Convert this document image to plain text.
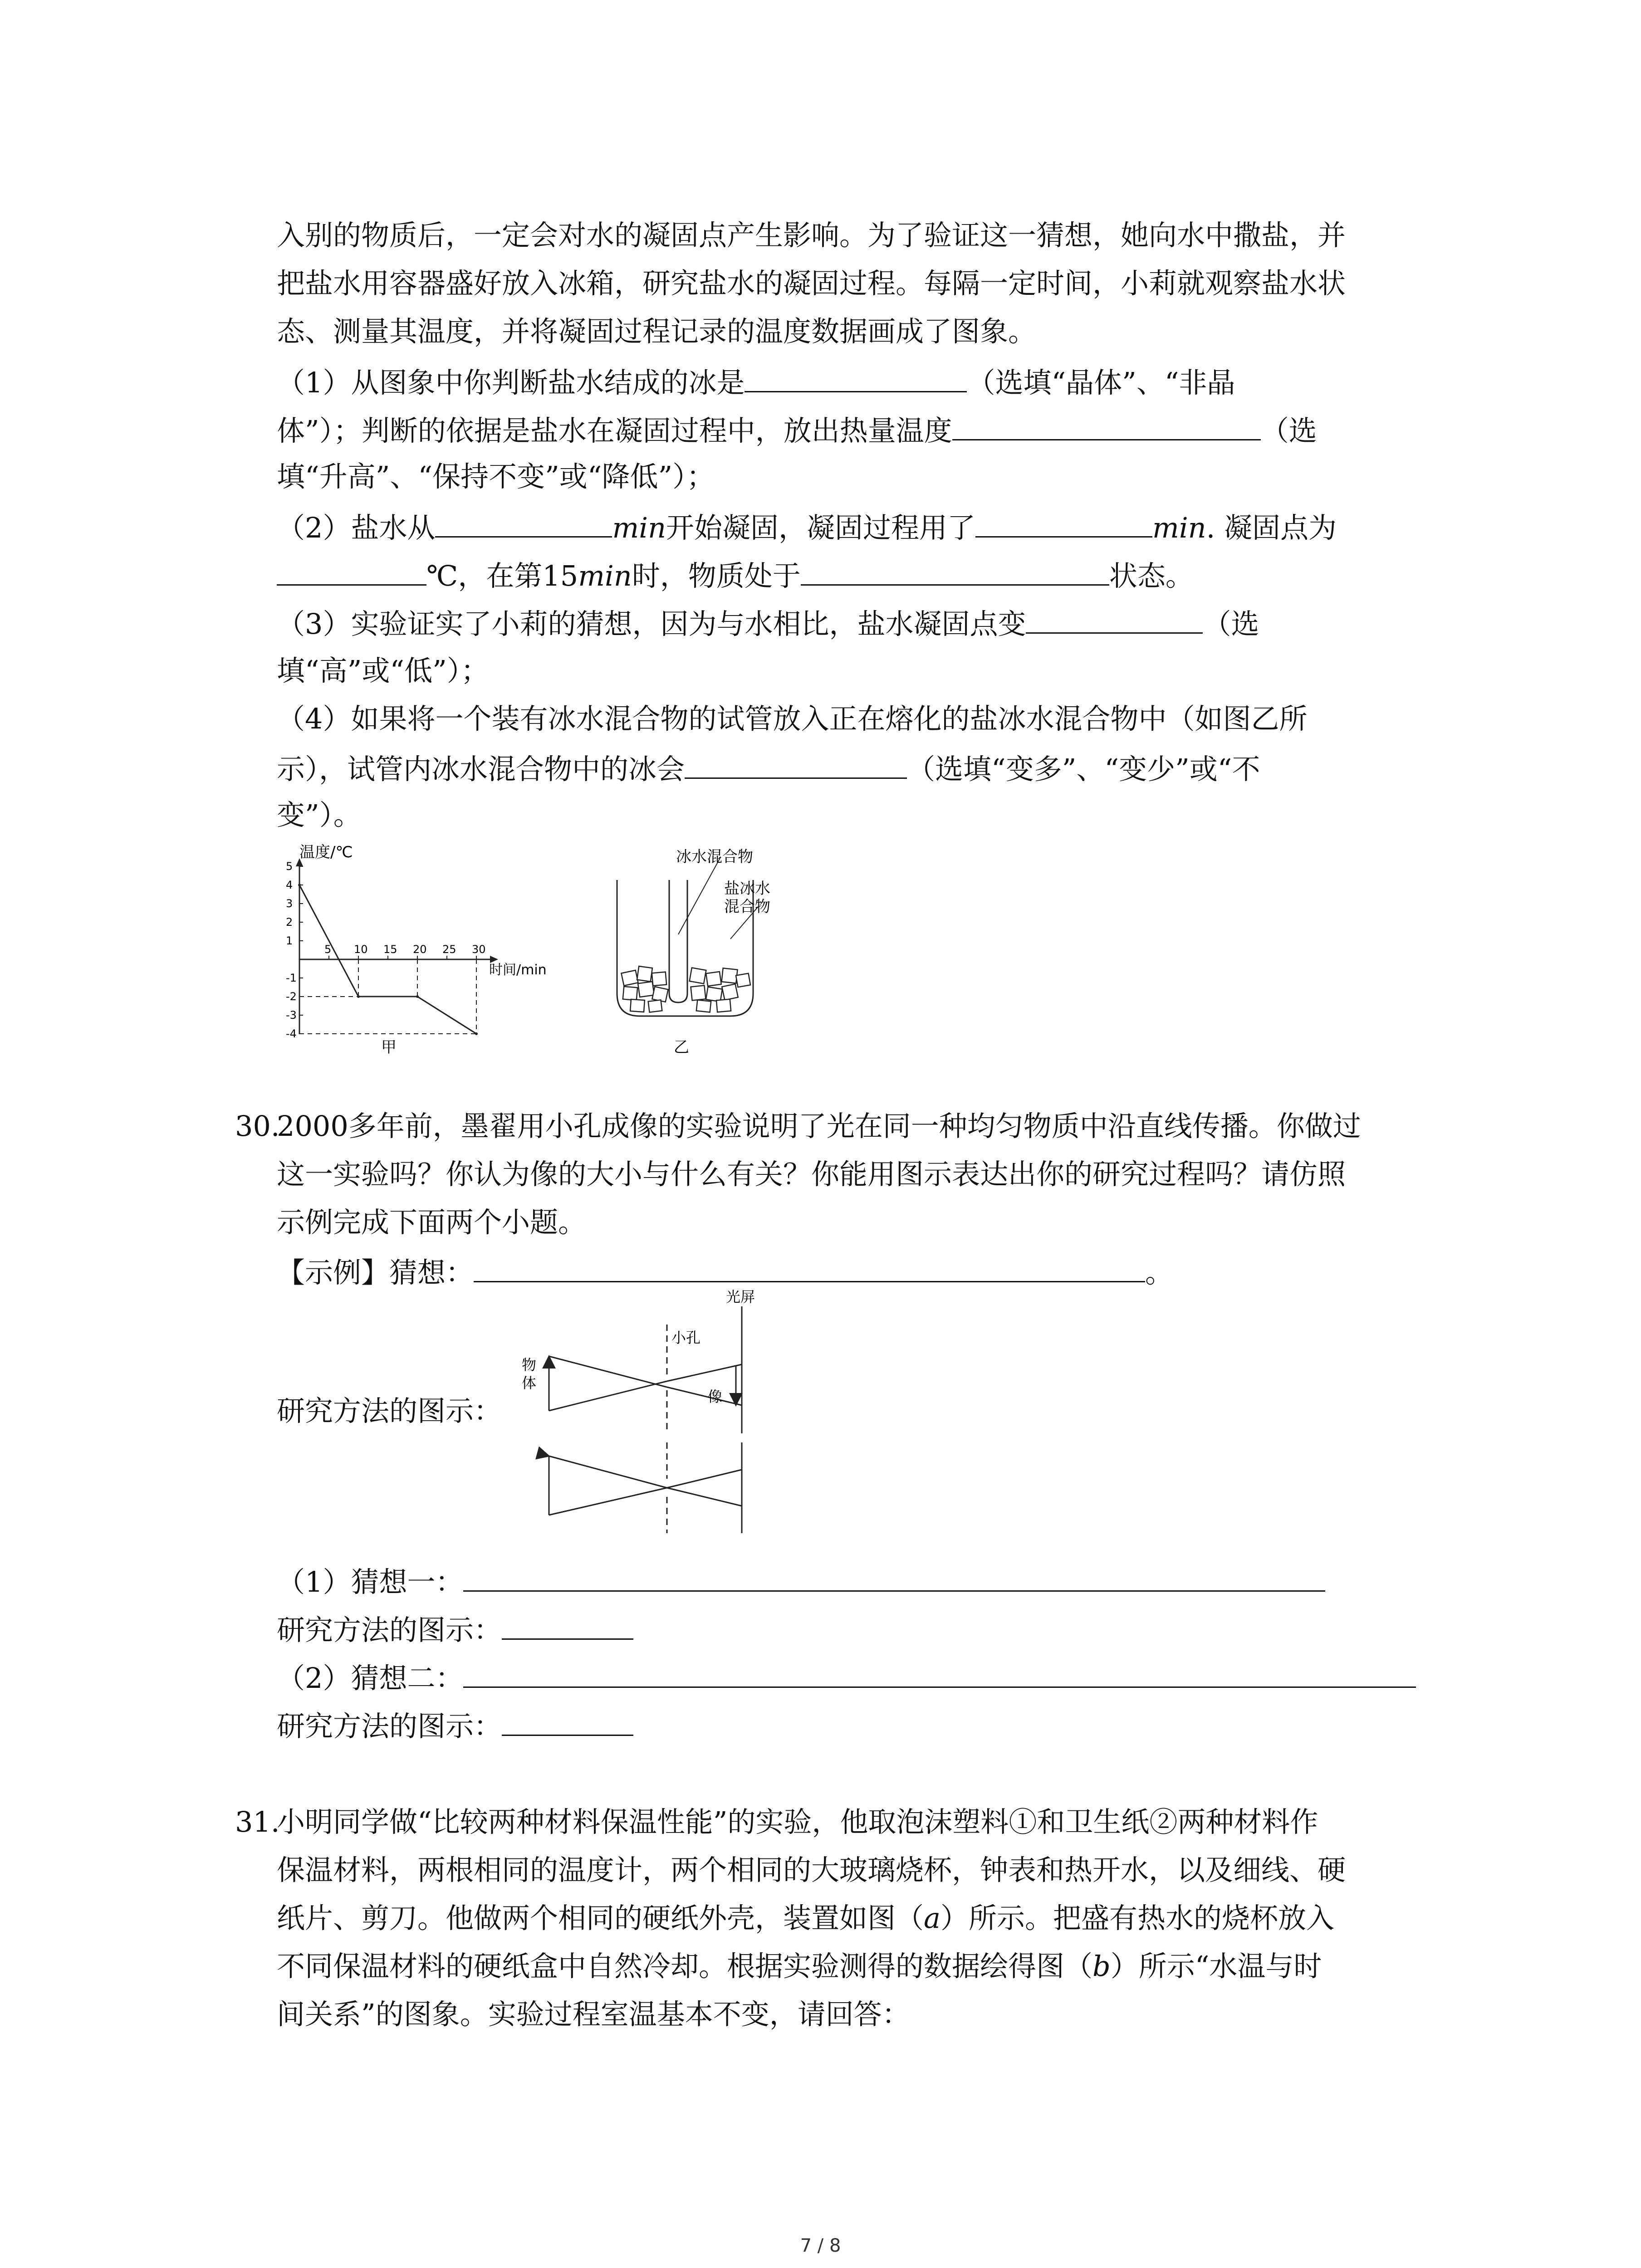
入别的物质后，一定会对水的凝固点产生影响。为了验证这一猜想，她向水中撒盐，并
把盐水用容器盛好放入冰箱，研究盐水的凝固过程。每隔一定时间，小莉就观察盐水状
态、测量其温度，并将凝固过程记录的温度数据画成了图象。
（1）从图象中你判断盐水结成的冰是	（选填“晶体”、“非晶
体”）；判断的依据是盐水在凝固过程中，放出热量温度	（选
填“升高”、“保持不变”或“降低”）；
（2）盐水从	min开始凝固，凝固过程用了	min. 凝固点为
℃，在第15min时，物质处于	状态。
（3）实验证实了小莉的猜想，因为与水相比，盐水凝固点变	（选
填“高”或“低”）；
（4）如果将一个装有冰水混合物的试管放入正在熔化的盐冰水混合物中（如图乙所
示），试管内冰水混合物中的冰会	（选填“变多”、“变少”或“不
变”）。
5 10 15 20 25 30
5
4
3
2
1
-1
-2
-3
-4
温度/℃
时间/min
甲
冰水混合物
盐冰水
混合物
乙
30.
2000多年前，墨翟用小孔成像的实验说明了光在同一种均匀物质中沿直线传播。你做过
这一实验吗？你认为像的大小与什么有关？你能用图示表达出你的研究过程吗？请仿照
示例完成下面两个小题。
【示例】猜想：	。
研究方法的图示：
光屏
小孔
物
体
像
（1）猜想一：
研究方法的图示：
（2）猜想二：
研究方法的图示：
31.
小明同学做“比较两种材料保温性能”的实验，他取泡沫塑料①和卫生纸②两种材料作
保温材料，两根相同的温度计，两个相同的大玻璃烧杯，钟表和热开水，以及细线、硬
纸片、剪刀。他做两个相同的硬纸外壳，装置如图（a）所示。把盛有热水的烧杯放入
不同保温材料的硬纸盒中自然冷却。根据实验测得的数据绘得图（b）所示“水温与时
间关系”的图象。实验过程室温基本不变，请回答：
7 / 8
